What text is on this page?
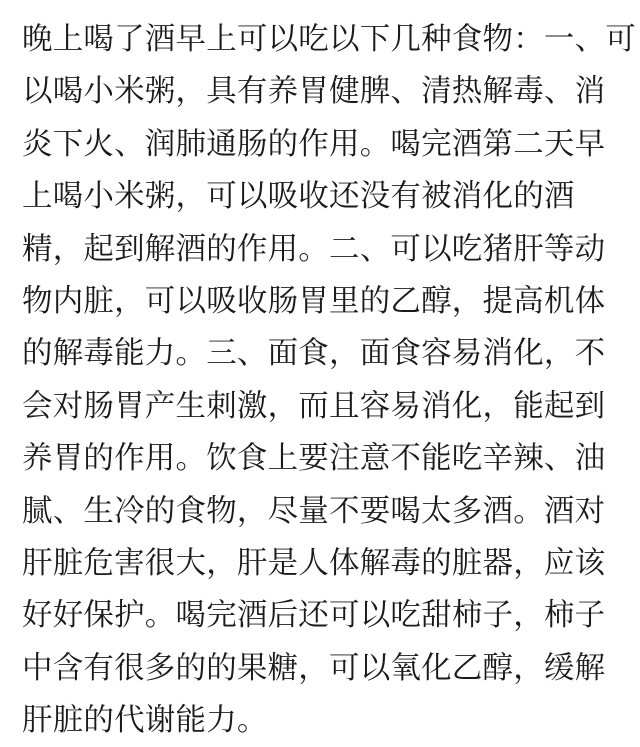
晚上喝了酒早上可以吃以下几种食物：一、可
以喝小米粥，具有养胃健脾、清热解毒、消
炎下火、润肺通肠的作用。喝完酒第二天早
上喝小米粥，可以吸收还没有被消化的酒
精，起到解酒的作用。二、可以吃猪肝等动
物内脏，可以吸收肠胃里的乙醇，提高机体
的解毒能力。三、面食，面食容易消化，不
会对肠胃产生刺激，而且容易消化，能起到
养胃的作用。饮食上要注意不能吃辛辣、油
腻、生冷的食物，尽量不要喝太多酒。酒对
肝脏危害很大，肝是人体解毒的脏器，应该
好好保护。喝完酒后还可以吃甜柿子，柿子
中含有很多的的果糖，可以氧化乙醇，缓解
肝脏的代谢能力。
